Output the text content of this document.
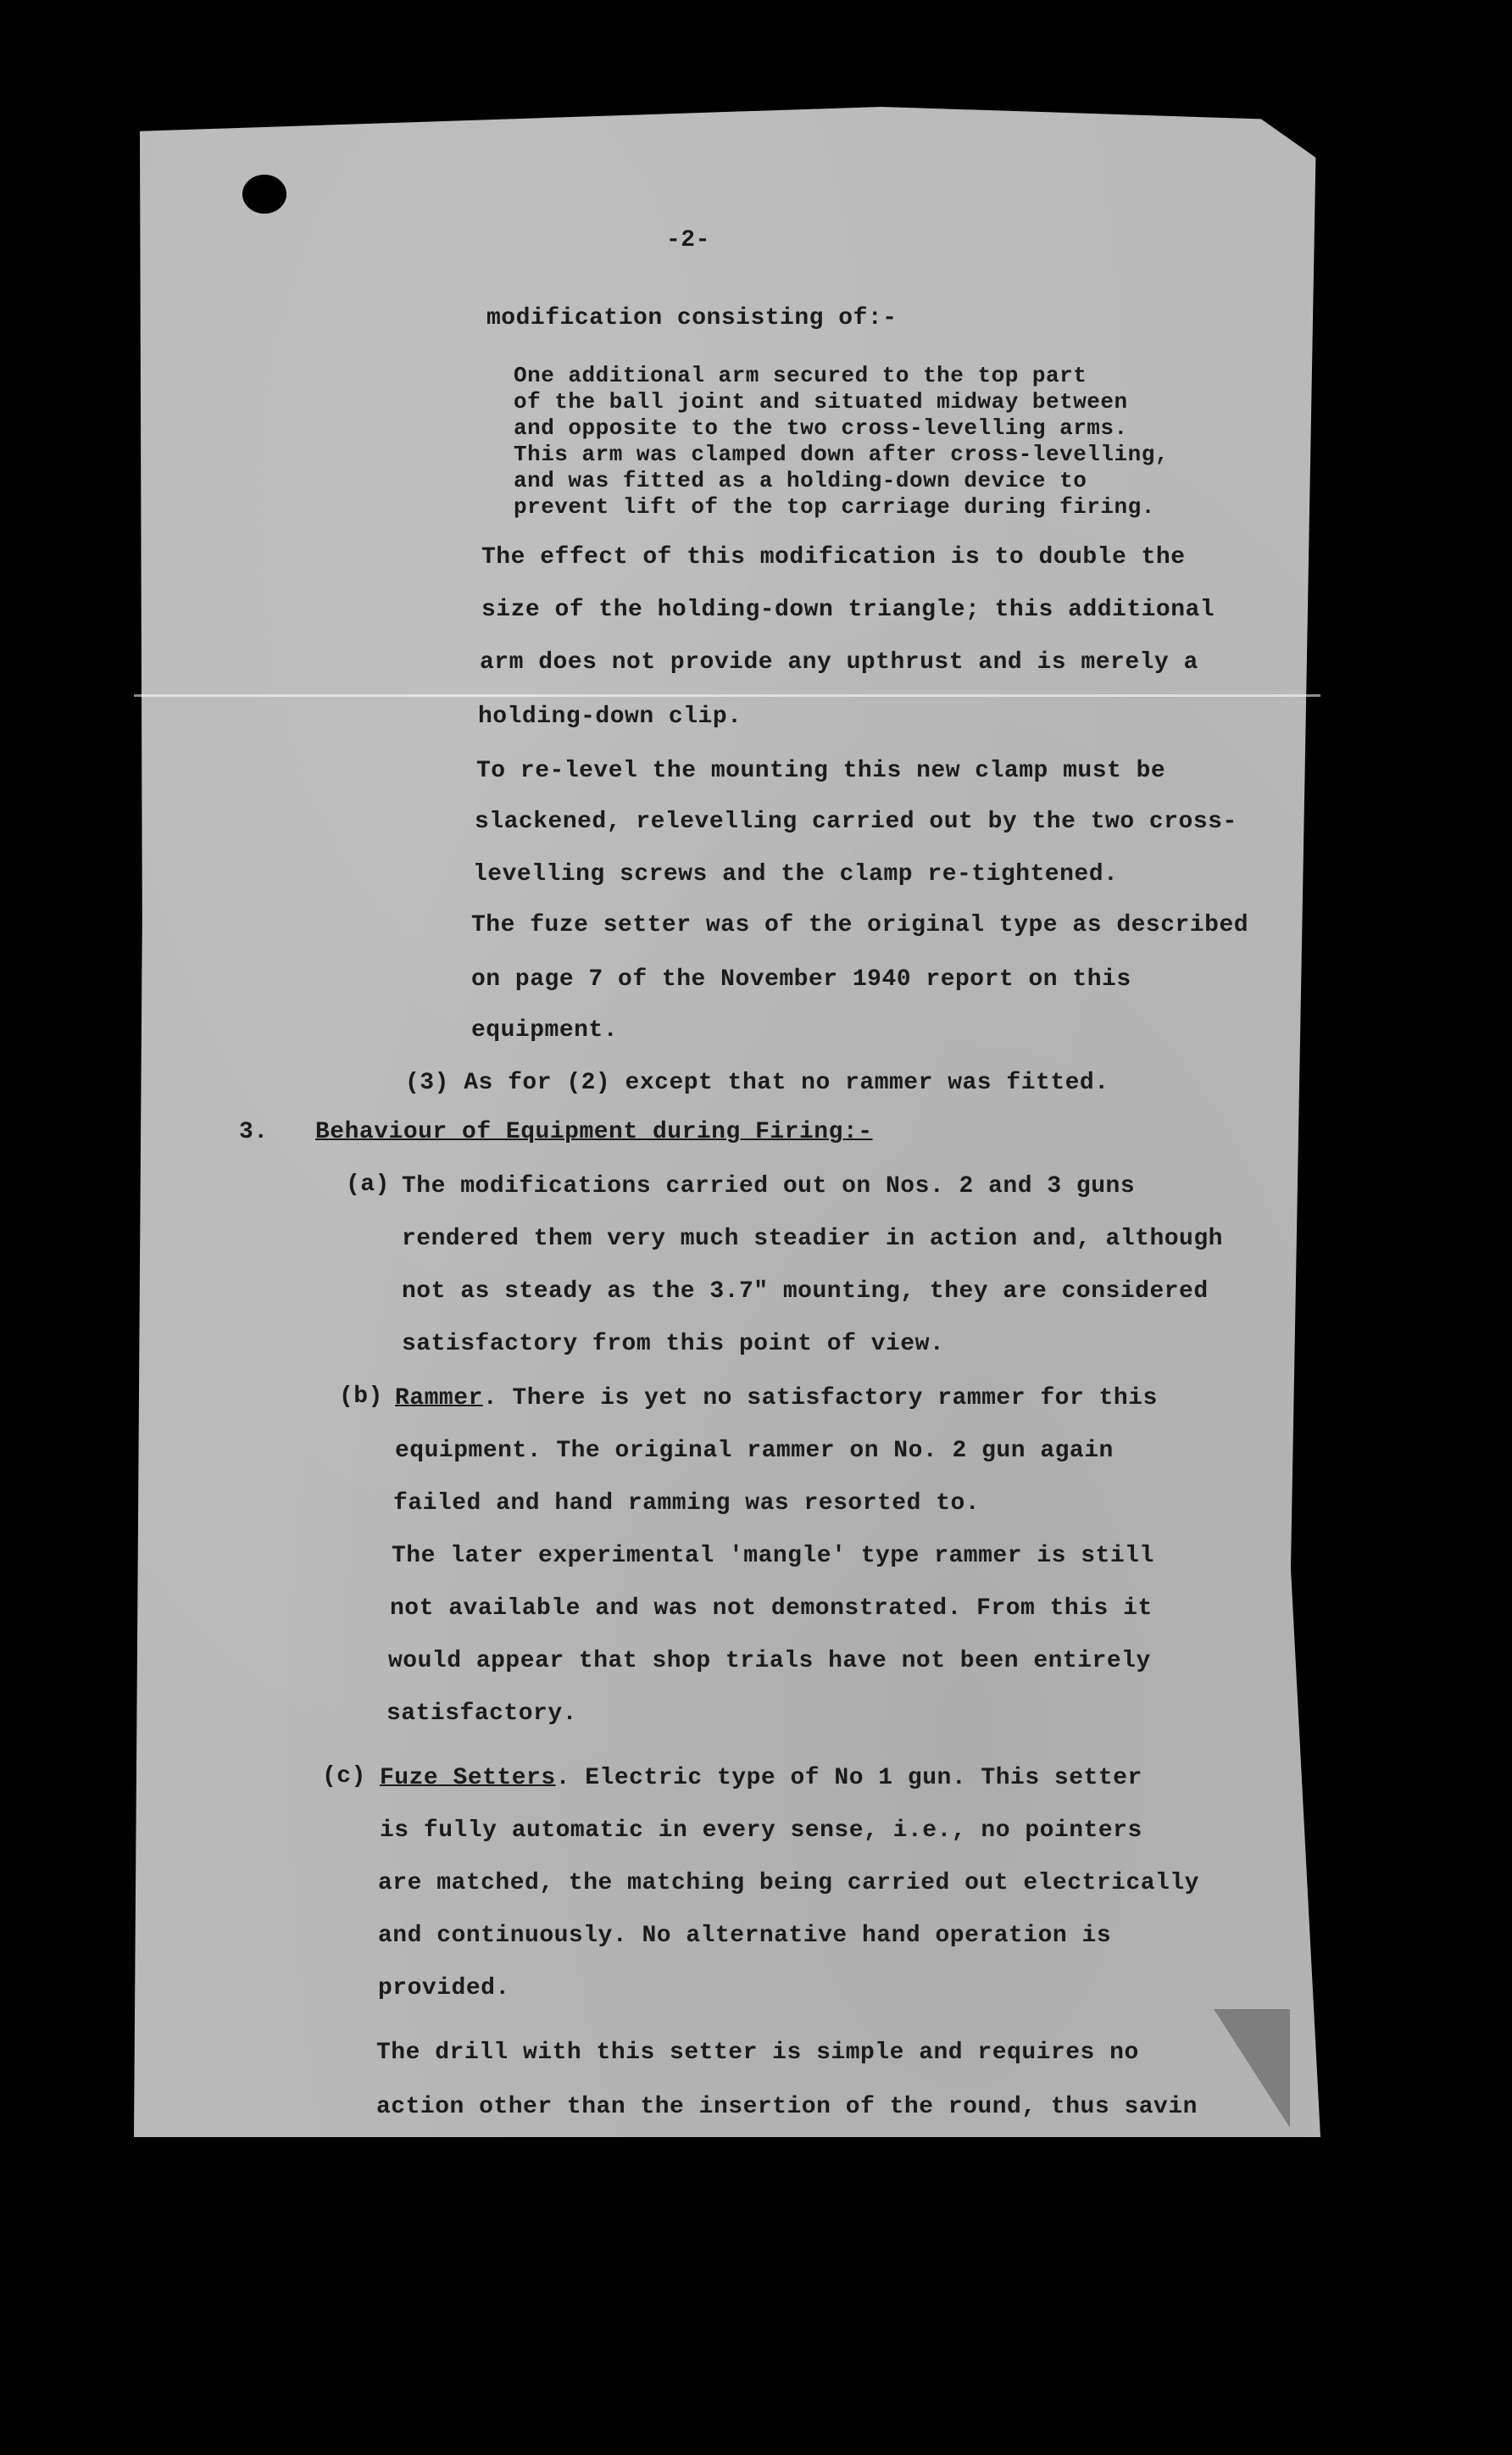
-2-
modification consisting of:-
One additional arm secured to the top part
of the ball joint and situated midway between
and opposite to the two cross-levelling arms.
This arm was clamped down after cross-levelling,
and was fitted as a holding-down device to
prevent lift of the top carriage during firing.
The effect of this modification is to double the
size of the holding-down triangle; this additional
arm does not provide any upthrust and is merely a
holding-down clip.
To re-level the mounting this new clamp must be
slackened, relevelling carried out by the two cross-
levelling screws and the clamp re-tightened.
The fuze setter was of the original type as described
on page 7 of the November 1940 report on this
equipment.
(3) As for (2) except that no rammer was fitted.
3. Behaviour of Equipment during Firing:-
(a) The modifications carried out on Nos. 2 and 3 guns
rendered them very much steadier in action and, although
not as steady as the 3.7" mounting, they are considered
satisfactory from this point of view.
(b) Rammer. There is yet no satisfactory rammer for this
equipment. The original rammer on No. 2 gun again
failed and hand ramming was resorted to.
The later experimental 'mangle' type rammer is still
not available and was not demonstrated. From this it
would appear that shop trials have not been entirely
satisfactory.
(c) Fuze Setters. Electric type of No 1 gun. This setter
is fully automatic in every sense, i.e., no pointers
are matched, the matching being carried out electrically
and continuously. No alternative hand operation is
provided.
The drill with this setter is simple and requires no
action other than the insertion of the round, thus savin
